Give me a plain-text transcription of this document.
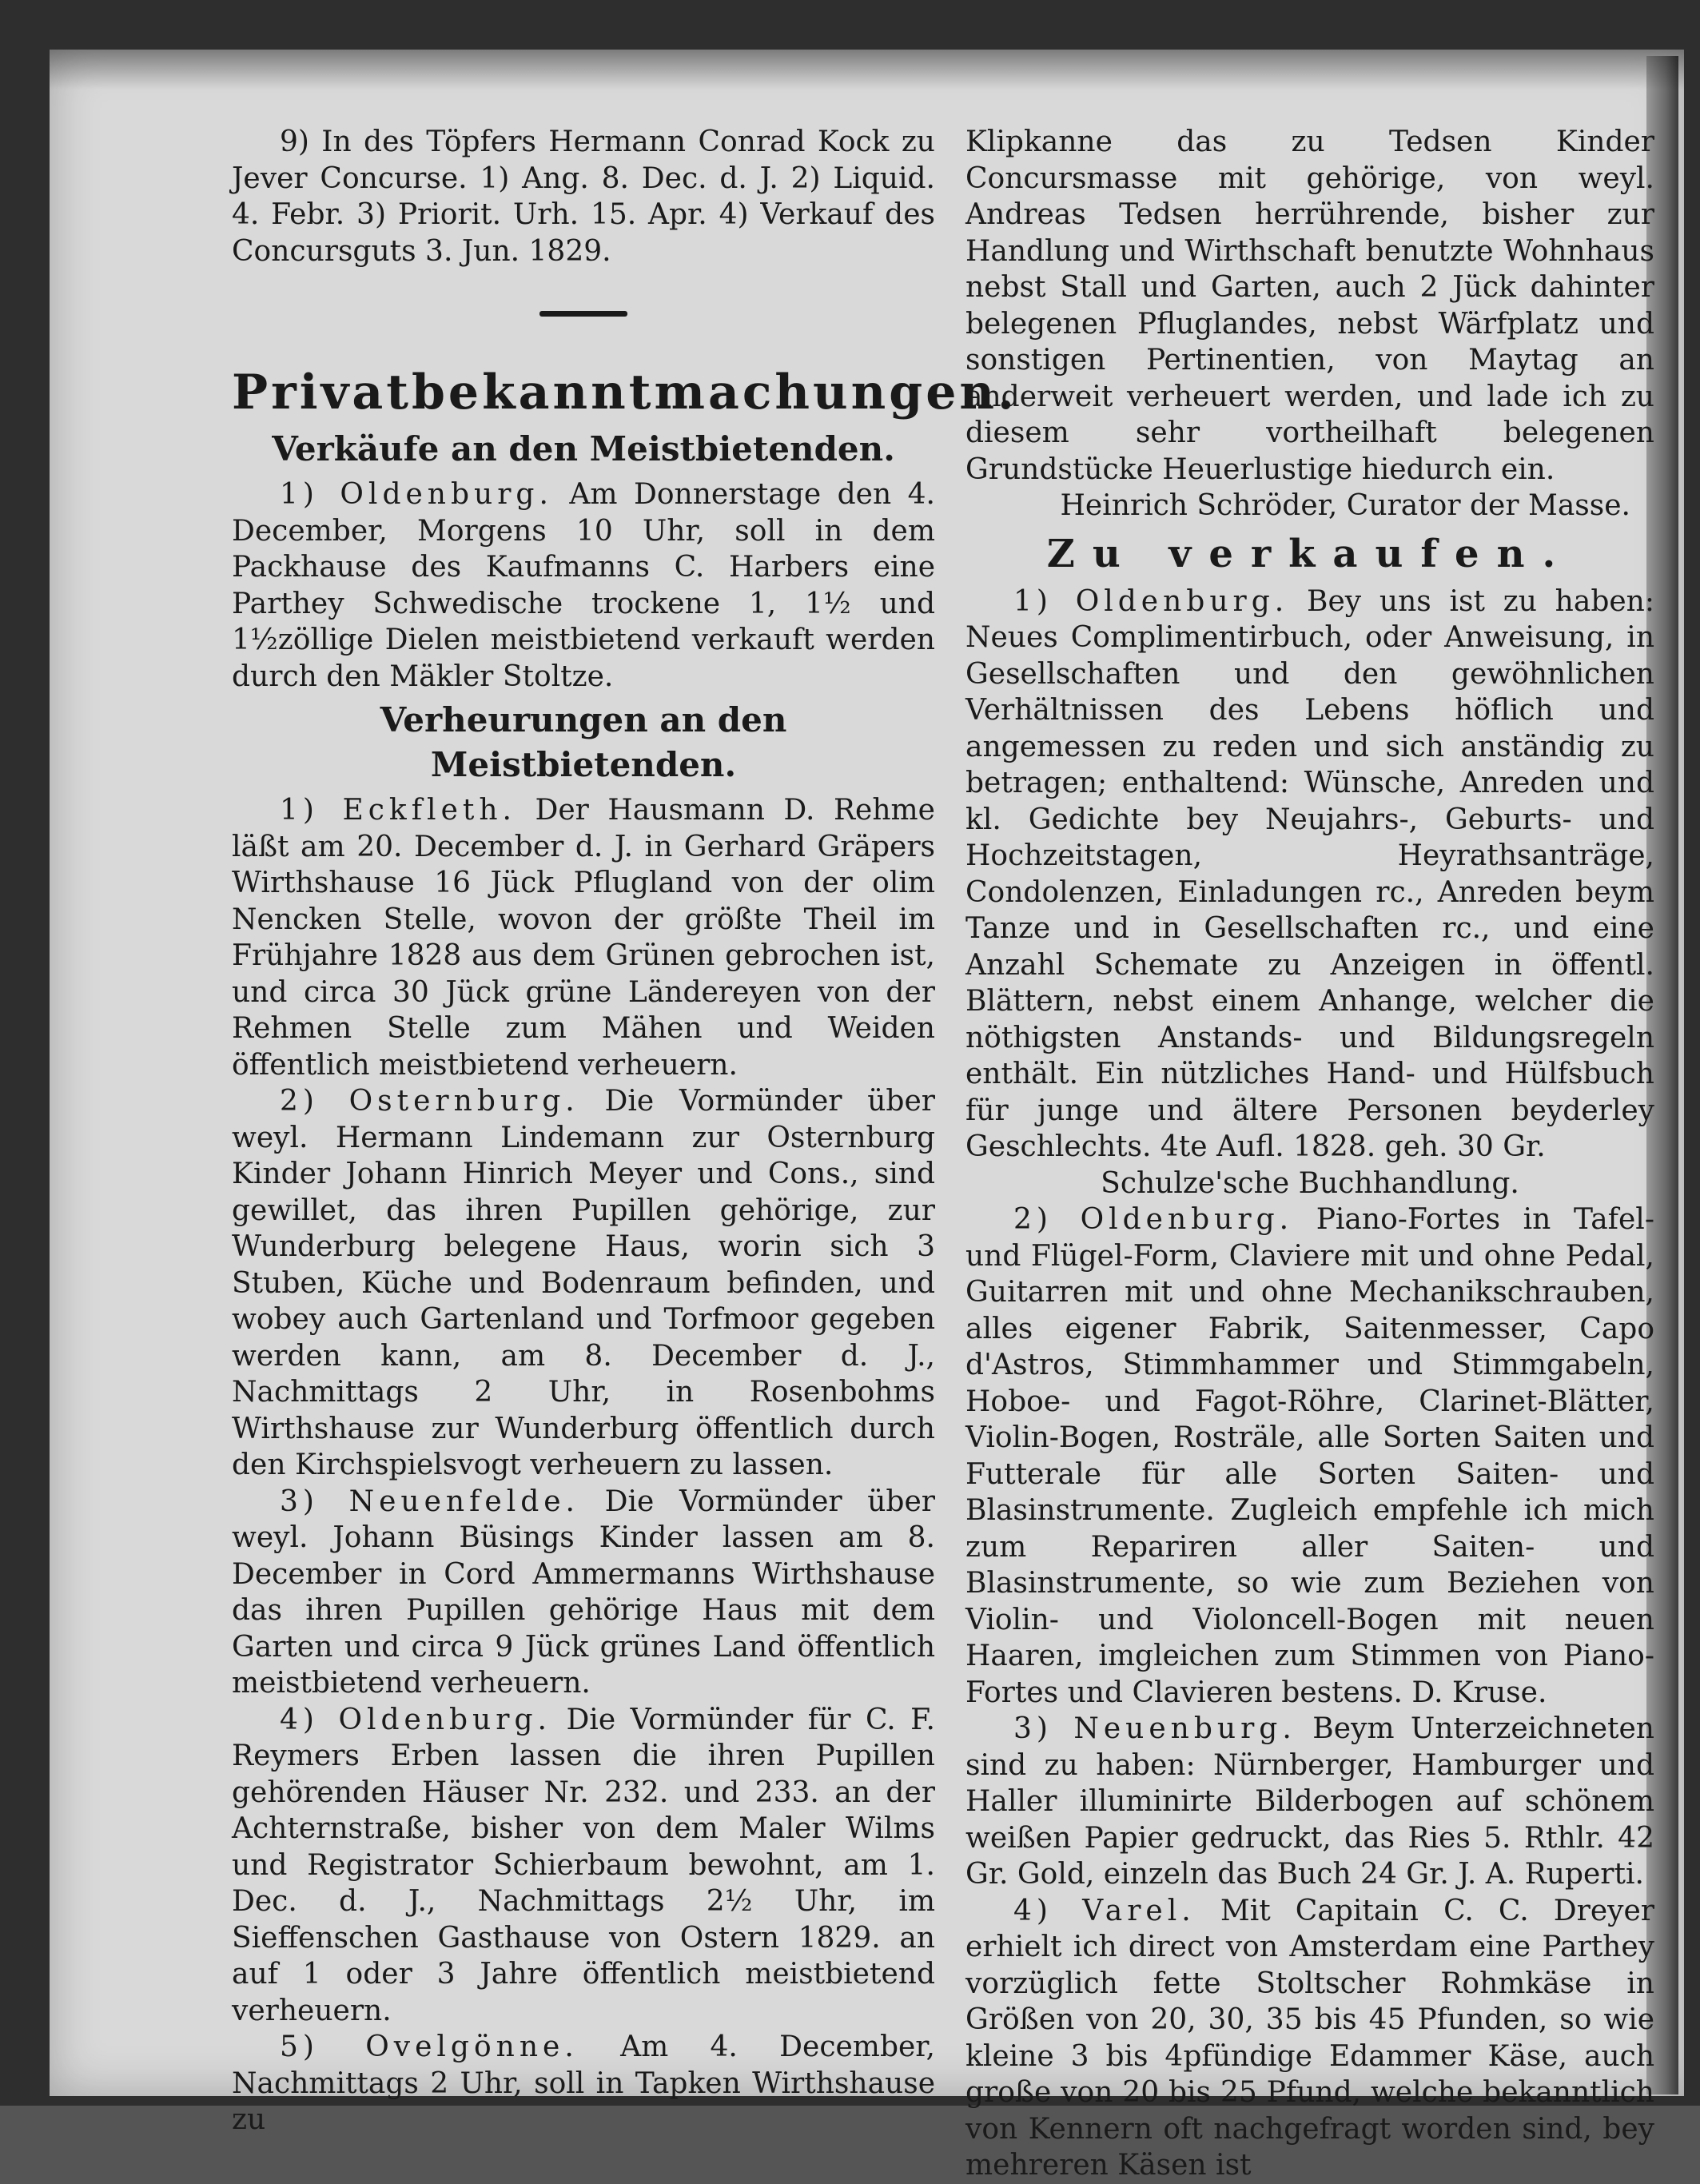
9) In des Töpfers Hermann Conrad Kock zu Jever Concurse. 1) Ang. 8. Dec. d. J. 2) Liquid. 4. Febr. 3) Priorit. Urh. 15. Apr. 4) Verkauf des Concursguts 3. Jun. 1829.

Privatbekanntmachungen.
Verkäufe an den Meistbietenden.

1) Oldenburg. Am Donnerstage den 4. December, Morgens 10 Uhr, soll in dem Packhause des Kaufmanns C. Harbers eine Parthey Schwedische trockene 1, 1½ und 1½zöllige Dielen meistbietend verkauft werden durch den Mäkler Stoltze.

Verheurungen an den Meistbietenden.

1) Eckfleth. Der Hausmann D. Rehme läßt am 20. December d. J. in Gerhard Gräpers Wirthshause 16 Jück Pflugland von der olim Nencken Stelle, wovon der größte Theil im Frühjahre 1828 aus dem Grünen gebrochen ist, und circa 30 Jück grüne Ländereyen von der Rehmen Stelle zum Mähen und Weiden öffentlich meistbietend verheuern.

2) Osternburg. Die Vormünder über weyl. Hermann Lindemann zur Osternburg Kinder Johann Hinrich Meyer und Cons., sind gewillet, das ihren Pupillen gehörige, zur Wunderburg belegene Haus, worin sich 3 Stuben, Küche und Bodenraum befinden, und wobey auch Gartenland und Torfmoor gegeben werden kann, am 8. December d. J., Nachmittags 2 Uhr, in Rosenbohms Wirthshause zur Wunderburg öffentlich durch den Kirchspielsvogt verheuern zu lassen.

3) Neuenfelde. Die Vormünder über weyl. Johann Büsings Kinder lassen am 8. December in Cord Ammermanns Wirthshause das ihren Pupillen gehörige Haus mit dem Garten und circa 9 Jück grünes Land öffentlich meistbietend verheuern.

4) Oldenburg. Die Vormünder für C. F. Reymers Erben lassen die ihren Pupillen gehörenden Häuser Nr. 232. und 233. an der Achternstraße, bisher von dem Maler Wilms und Registrator Schierbaum bewohnt, am 1. Dec. d. J., Nachmittags 2½ Uhr, im Sieffenschen Gasthause von Ostern 1829. an auf 1 oder 3 Jahre öffentlich meistbietend verheuern.

5) Ovelgönne. Am 4. December, Nachmittags 2 Uhr, soll in Tapken Wirthshause zu

Klipkanne das zu Tedsen Kinder Concursmasse mit gehörige, von weyl. Andreas Tedsen herrührende, bisher zur Handlung und Wirthschaft benutzte Wohnhaus nebst Stall und Garten, auch 2 Jück dahinter belegenen Pfluglandes, nebst Wärfplatz und sonstigen Pertinentien, von Maytag an anderweit verheuert werden, und lade ich zu diesem sehr vortheilhaft belegenen Grundstücke Heuerlustige hiedurch ein.

Heinrich Schröder, Curator der Masse.

Zu verkaufen.

1) Oldenburg. Bey uns ist zu haben: Neues Complimentirbuch, oder Anweisung, in Gesellschaften und den gewöhnlichen Verhältnissen des Lebens höflich und angemessen zu reden und sich anständig zu betragen; enthaltend: Wünsche, Anreden und kl. Gedichte bey Neujahrs-, Geburts- und Hochzeitstagen, Heyrathsanträge, Condolenzen, Einladungen rc., Anreden beym Tanze und in Gesellschaften rc., und eine Anzahl Schemate zu Anzeigen in öffentl. Blättern, nebst einem Anhange, welcher die nöthigsten Anstands- und Bildungsregeln enthält. Ein nützliches Hand- und Hülfsbuch für junge und ältere Personen beyderley Geschlechts. 4te Aufl. 1828. geh. 30 Gr.

Schulze'sche Buchhandlung.

2) Oldenburg. Piano-Fortes in Tafel- und Flügel-Form, Claviere mit und ohne Pedal, Guitarren mit und ohne Mechanikschrauben, alles eigener Fabrik, Saitenmesser, Capo d'Astros, Stimmhammer und Stimmgabeln, Hoboe- und Fagot-Röhre, Clarinet-Blätter, Violin-Bogen, Rosträle, alle Sorten Saiten und Futterale für alle Sorten Saiten- und Blasinstrumente. Zugleich empfehle ich mich zum Repariren aller Saiten- und Blasinstrumente, so wie zum Beziehen von Violin- und Violoncell-Bogen mit neuen Haaren, imgleichen zum Stimmen von Piano-Fortes und Clavieren bestens. D. Kruse.

3) Neuenburg. Beym Unterzeichneten sind zu haben: Nürnberger, Hamburger und Haller illuminirte Bilderbogen auf schönem weißen Papier gedruckt, das Ries 5. Rthlr. 42 Gr. Gold, einzeln das Buch 24 Gr. J. A. Ruperti.

4) Varel. Mit Capitain C. C. Dreyer erhielt ich direct von Amsterdam eine Parthey vorzüglich fette Stoltscher Rohmkäse in Größen von 20, 30, 35 bis 45 Pfunden, so wie kleine 3 bis 4pfündige Edammer Käse, auch große von 20 bis 25 Pfund, welche bekanntlich von Kennern oft nachgefragt worden sind, bey mehreren Käsen ist
